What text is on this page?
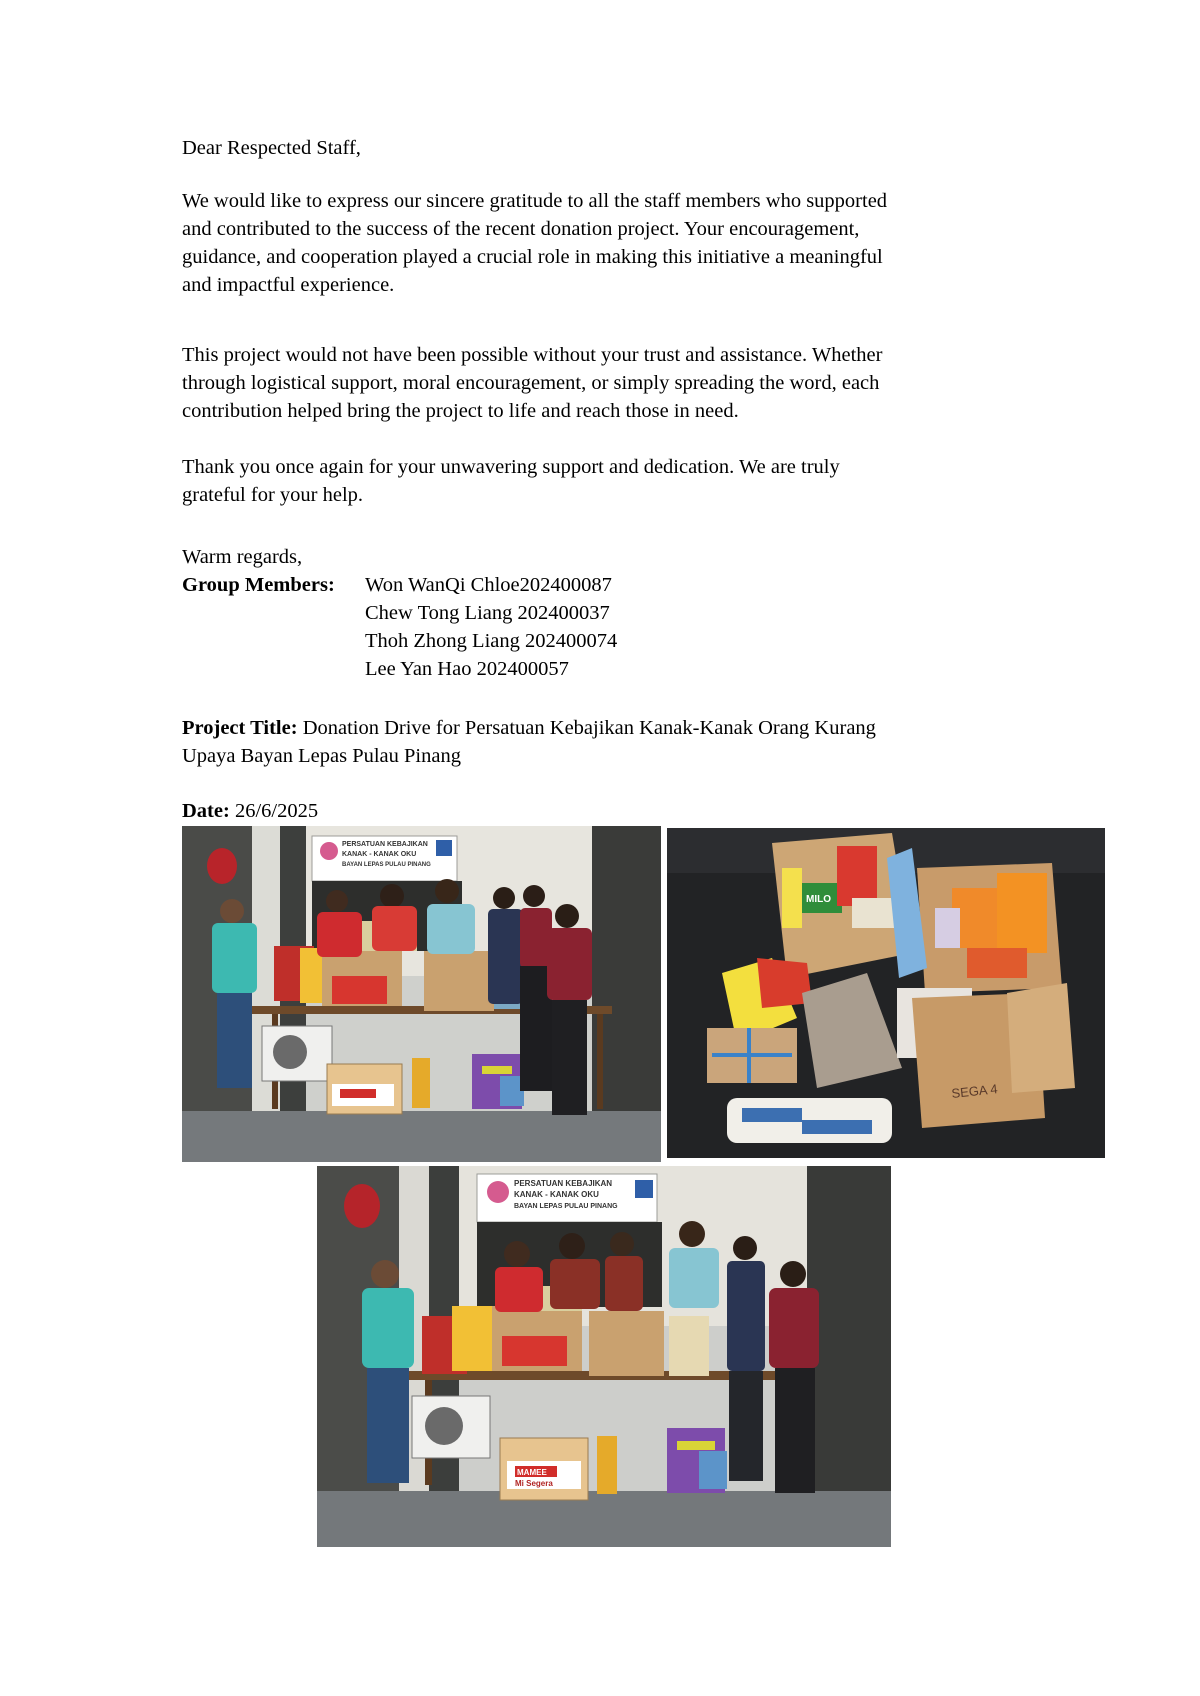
Dear Respected Staff,

We would like to express our sincere gratitude to all the staff members who supported

and contributed to the success of the recent donation project. Your encouragement,

guidance, and cooperation played a crucial role in making this initiative a meaningful

and impactful experience.

This project would not have been possible without your trust and assistance. Whether

through logistical support, moral encouragement, or simply spreading the word, each

contribution helped bring the project to life and reach those in need.

Thank you once again for your unwavering support and dedication. We are truly

grateful for your help.

Warm regards,

Group Members:	Won WanQi Chloe202400087
Chew Tong Liang 202400037
Thoh Zhong Liang 202400074
Lee Yan Hao 202400057

Project Title: Donation Drive for Persatuan Kebajikan Kanak-Kanak Orang Kurang

Upaya Bayan Lepas Pulau Pinang

Date: 26/6/2025

PERSATUAN KEBAJIKAN
KANAK - KANAK OKU
BAYAN LEPAS PULAU PINANG
MILO
SEGA 4
PERSATUAN KEBAJIKAN
KANAK - KANAK OKU
BAYAN LEPAS PULAU PINANG
MAMEE
Mi Segera
